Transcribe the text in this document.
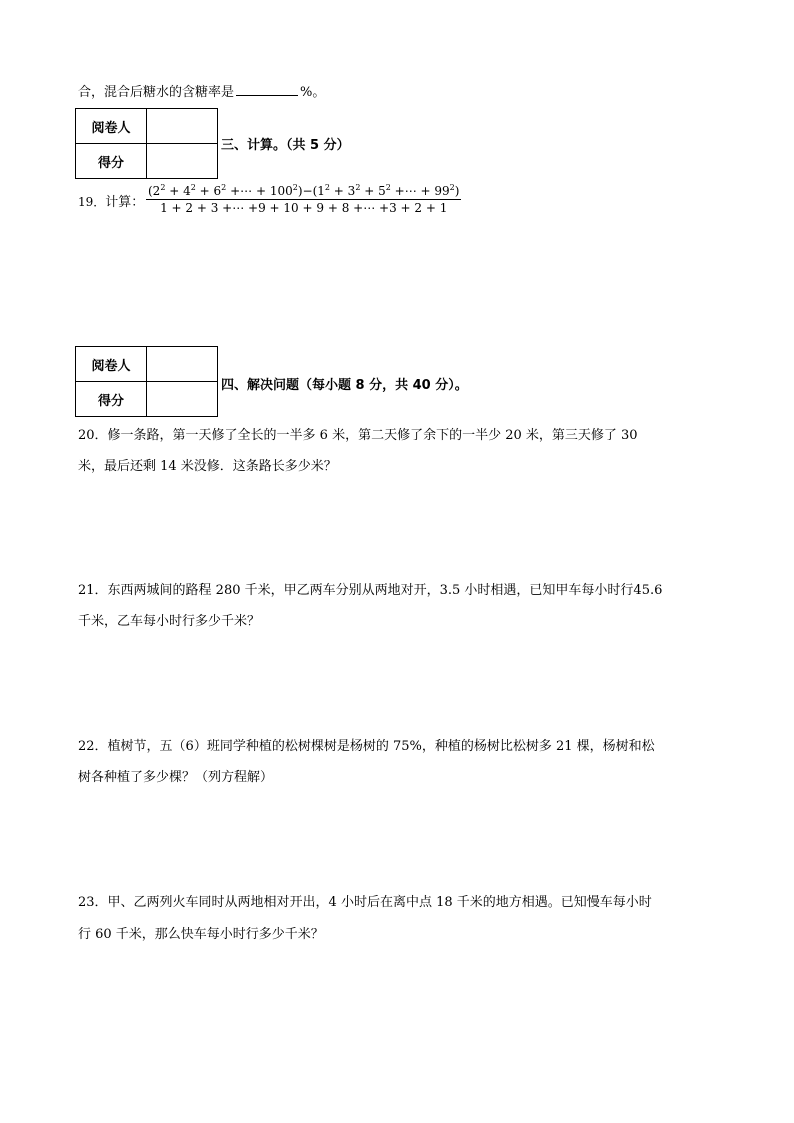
合，混合后糖水的含糖率是	%。
阅卷人	
得分	
三、计算。（共 5 分）
19．计算： $\frac{(2^2 + 4^2 + 6^2 +\cdots + 100^2)-(1^2 + 3^2 + 5^2 +\cdots + 99^2)}{1 + 2 + 3 +\cdots +9 + 10 + 9 + 8 +\cdots +3 + 2 + 1}$
阅卷人	
得分	
四、解决问题（每小题 8 分，共 40 分）。
20．修一条路，第一天修了全长的一半多 6 米，第二天修了余下的一半少 20 米，第三天修了 30
米，最后还剩 14 米没修．这条路长多少米？
21．东西两城间的路程 280 千米，甲乙两车分别从两地对开，3.5 小时相遇，已知甲车每小时行45.6
千米，乙车每小时行多少千米？
22．植树节，五（6）班同学种植的松树棵树是杨树的 75%，种植的杨树比松树多 21 棵，杨树和松
树各种植了多少棵？（列方程解）
23．甲、乙两列火车同时从两地相对开出，4 小时后在离中点 18 千米的地方相遇。已知慢车每小时
行 60 千米，那么快车每小时行多少千米？
